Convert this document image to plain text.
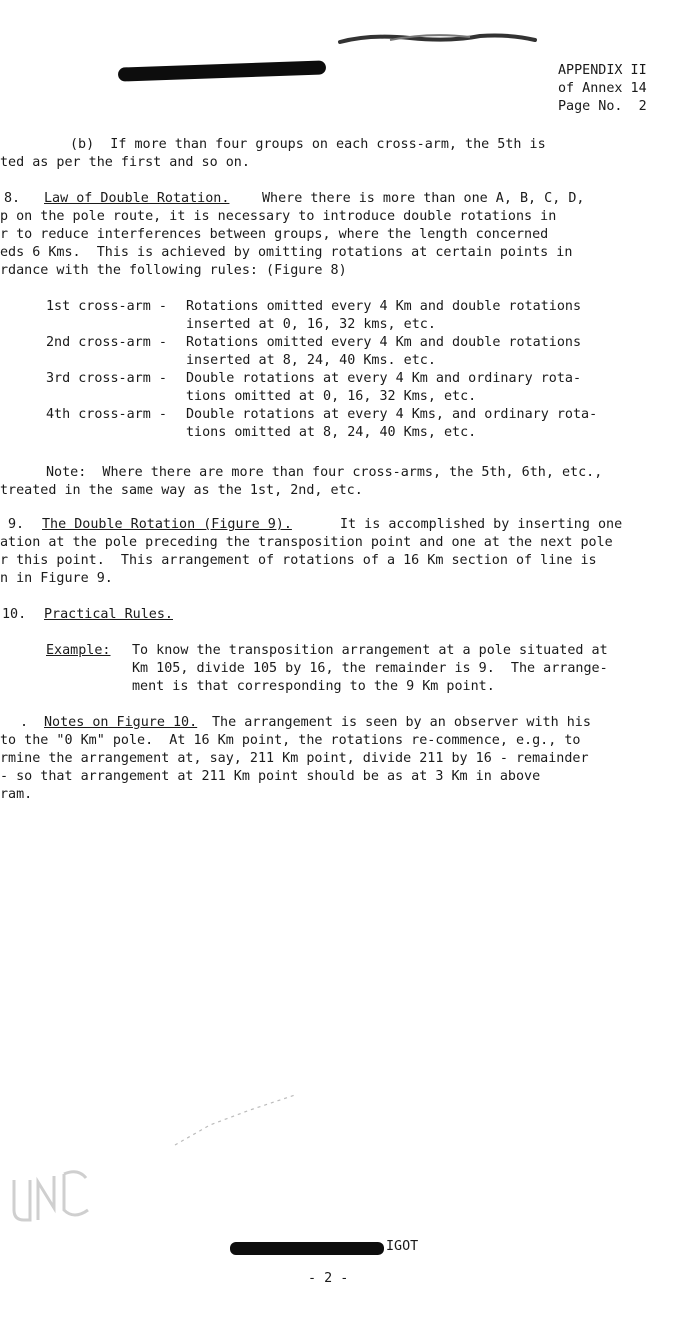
APPENDIX II
of Annex 14
Page No.  2
(b)  If more than four groups on each cross-arm, the 5th is
ted as per the first and so on.
8. Law of Double Rotation. Where there is more than one A, B, C, D,
p on the pole route, it is necessary to introduce double rotations in
r to reduce interferences between groups, where the length concerned
eds 6 Kms.  This is achieved by omitting rotations at certain points in
rdance with the following rules: (Figure 8)
1st cross-arm - Rotations omitted every 4 Km and double rotations
inserted at 0, 16, 32 kms, etc.
2nd cross-arm - Rotations omitted every 4 Km and double rotations
inserted at 8, 24, 40 Kms. etc.
3rd cross-arm - Double rotations at every 4 Km and ordinary rota-
tions omitted at 0, 16, 32 Kms, etc.
4th cross-arm - Double rotations at every 4 Kms, and ordinary rota-
tions omitted at 8, 24, 40 Kms, etc.
Note:  Where there are more than four cross-arms, the 5th, 6th, etc.,
treated in the same way as the 1st, 2nd, etc.
9. The Double Rotation (Figure 9).	It is accomplished by inserting one
ation at the pole preceding the transposition point and one at the next pole
r this point.  This arrangement of rotations of a 16 Km section of line is
n in Figure 9.
10. Practical Rules.
Example: To know the transposition arrangement at a pole situated at
Km 105, divide 105 by 16, the remainder is 9.  The arrange-
ment is that corresponding to the 9 Km point.
. Notes on Figure 10. The arrangement is seen by an observer with his
to the "0 Km" pole.  At 16 Km point, the rotations re-commence, e.g., to
rmine the arrangement at, say, 211 Km point, divide 211 by 16 - remainder
- so that arrangement at 211 Km point should be as at 3 Km in above
ram.
IGOT
- 2 -
